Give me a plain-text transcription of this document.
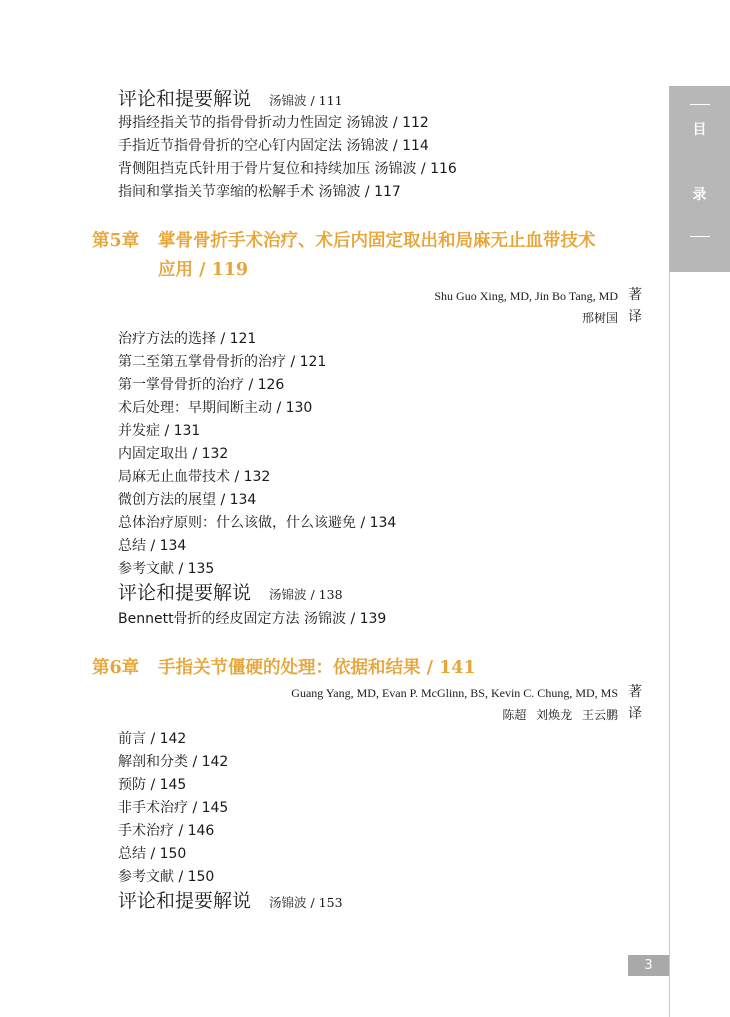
评论和提要解说 汤锦波 / 111
拇指经指关节的指骨骨折动力性固定 汤锦波 / 112
手指近节指骨骨折的空心钉内固定法 汤锦波 / 114
背侧阻挡克氏针用于骨片复位和持续加压 汤锦波 / 116
指间和掌指关节挛缩的松解手术 汤锦波 / 117
第5章 掌骨骨折手术治疗、术后内固定取出和局麻无止血带技术
应用 / 119
Shu Guo Xing, MD, Jin Bo Tang, MD 著
邢树国 译
治疗方法的选择 / 121
第二至第五掌骨骨折的治疗 / 121
第一掌骨骨折的治疗 / 126
术后处理：早期间断主动 / 130
并发症 / 131
内固定取出 / 132
局麻无止血带技术 / 132
微创方法的展望 / 134
总体治疗原则：什么该做，什么该避免 / 134
总结 / 134
参考文献 / 135
评论和提要解说 汤锦波 / 138
Bennett骨折的经皮固定方法 汤锦波 / 139
第6章 手指关节僵硬的处理：依据和结果 / 141
Guang Yang, MD, Evan P. McGlinn, BS, Kevin C. Chung, MD, MS 著
陈超 刘焕龙 王云鹏 译
前言 / 142
解剖和分类 / 142
预防 / 145
非手术治疗 / 145
手术治疗 / 146
总结 / 150
参考文献 / 150
评论和提要解说 汤锦波 / 153
目
录
3
